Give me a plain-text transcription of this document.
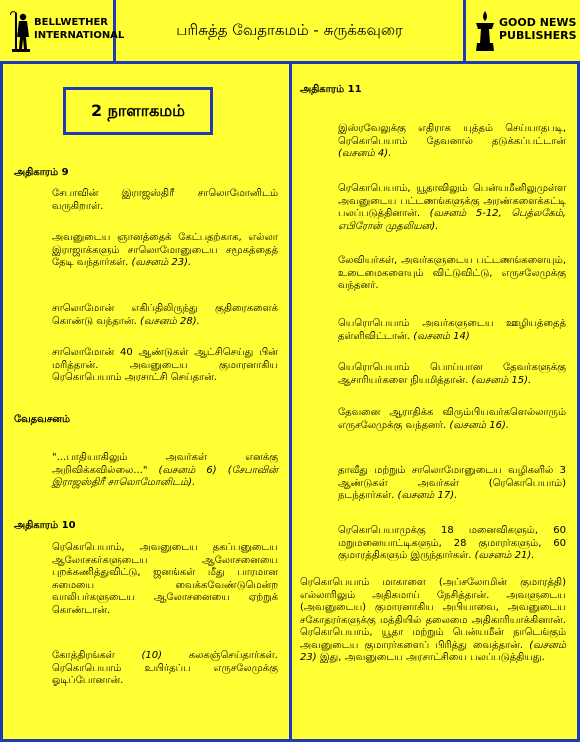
BELLWETHER
INTERNATIONAL	பரிசுத்த வேதாகமம் - சுருக்கவுரை	GOOD NEWS
PUBLISHERS
2 நாளாகமம்
அதிகாரம் 9

சேபாவின் இராஜஸ்திரீ சாலொமோனிடம் வருகிறாள்.

அவனுடைய ஞானத்தைக் கேட்பதற்காக, எல்லா இராஜாக்களும் சாலொமோனுடைய சமூகத்தைத் தேடி வந்தார்கள். (வசனம் 23).

சாலொமோன் எகிப்திலிருந்து குதிரைகளைக் கொண்டு வந்தான். (வசனம் 28).

சாலொமோன் 40 ஆண்டுகள் ஆட்சிசெய்து பின் மரித்தான். அவனுடைய குமாரனாகிய ரெகொபெயாம் அரசாட்சி செய்தான்.

வேதவசனம்

"...பாதியாகிலும் அவர்கள் எனக்கு அறிவிக்கவில்லை..." (வசனம் 6) (சேபாவின் இராஜஸ்திரீ சாலொமோனிடம்).

அதிகாரம் 10

ரெகொபெயாம், அவனுடைய தகப்பனுடைய ஆலோசகர்களுடைய ஆலோசனையை புறக்கணித்துவிட்டு, ஜனங்கள் மீது பாரமான சுமையை வைக்கவேண்டுமென்ற வாலிபர்களுடைய ஆலோசனையை ஏற்றுக் கொண்டான்.

கோத்திரங்கள்	(10)	கலகஞ்செய்தார்கள். ரெகொபெயாம் உயிர்தப்ப எருசலேமுக்கு ஓடிப்போனான்.

அதிகாரம் 11

இஸ்ரவேலுக்கு எதிராக யுத்தம் செய்யாதபடி, ரெகொபெயாம் தேவனால் தடுக்கப்பட்டான் (வசனம் 4).

ரெகொபெயாம், யூதாவிலும் பென்யமீனிலுமுள்ள அவனுடைய பட்டணங்களுக்கு அரண்களைக்கட்டி பலப்படுத்தினான். (வசனம் 5-12, பெத்லகேம், எபிரோன் முதலியன).

லேவியர்கள், அவர்களுடைய பட்டணங்களையும், உடைமைகளையும் விட்டுவிட்டு, எருசலேமுக்கு வந்தனர்.

யெரொபெயாம் அவர்களுடைய ஊழியத்தைத் தள்ளிவிட்டான். (வசனம் 14)

யெரொபெயாம் பொய்யான தேவர்களுக்கு ஆசாரியர்களை நியமித்தான். (வசனம் 15).

தேவனை ஆராதிக்க விரும்பியவர்களெல்லாரும் எருசலேமுக்கு வந்தனர். (வசனம் 16).

தாவீது மற்றும் சாலொமோனுடைய வழிகளில் 3 ஆண்டுகள் அவர்கள் (ரெகொபெயாம்) நடந்தார்கள். (வசனம் 17).

ரெகொபெயாமுக்கு 18 மனைவிகளும், 60 மறுமனையாட்டிகளும், 28 குமாரர்களும், 60 குமாரத்திகளும் இருந்தார்கள். (வசனம் 21).

ரெகொபெயாம் மாகாளை (அப்சலோமின் குமாரத்தி) எல்லாரிலும் அதிகமாய் நேசித்தான். அவளுடைய (அவனுடைய) குமாரனாகிய அபியாவை, அவனுடைய சகோதரர்களுக்கு மத்தியில் தலைமை அதிகாரியாக்கினான். ரெகொபெயாம், யூதா மற்றும் பென்யமீன் நாடெங்கும் அவனுடைய குமாரர்களைப் பிரித்து வைத்தான். (வசனம் 23) இது, அவனுடைய அரசாட்சியை பலப்படுத்தியது.
